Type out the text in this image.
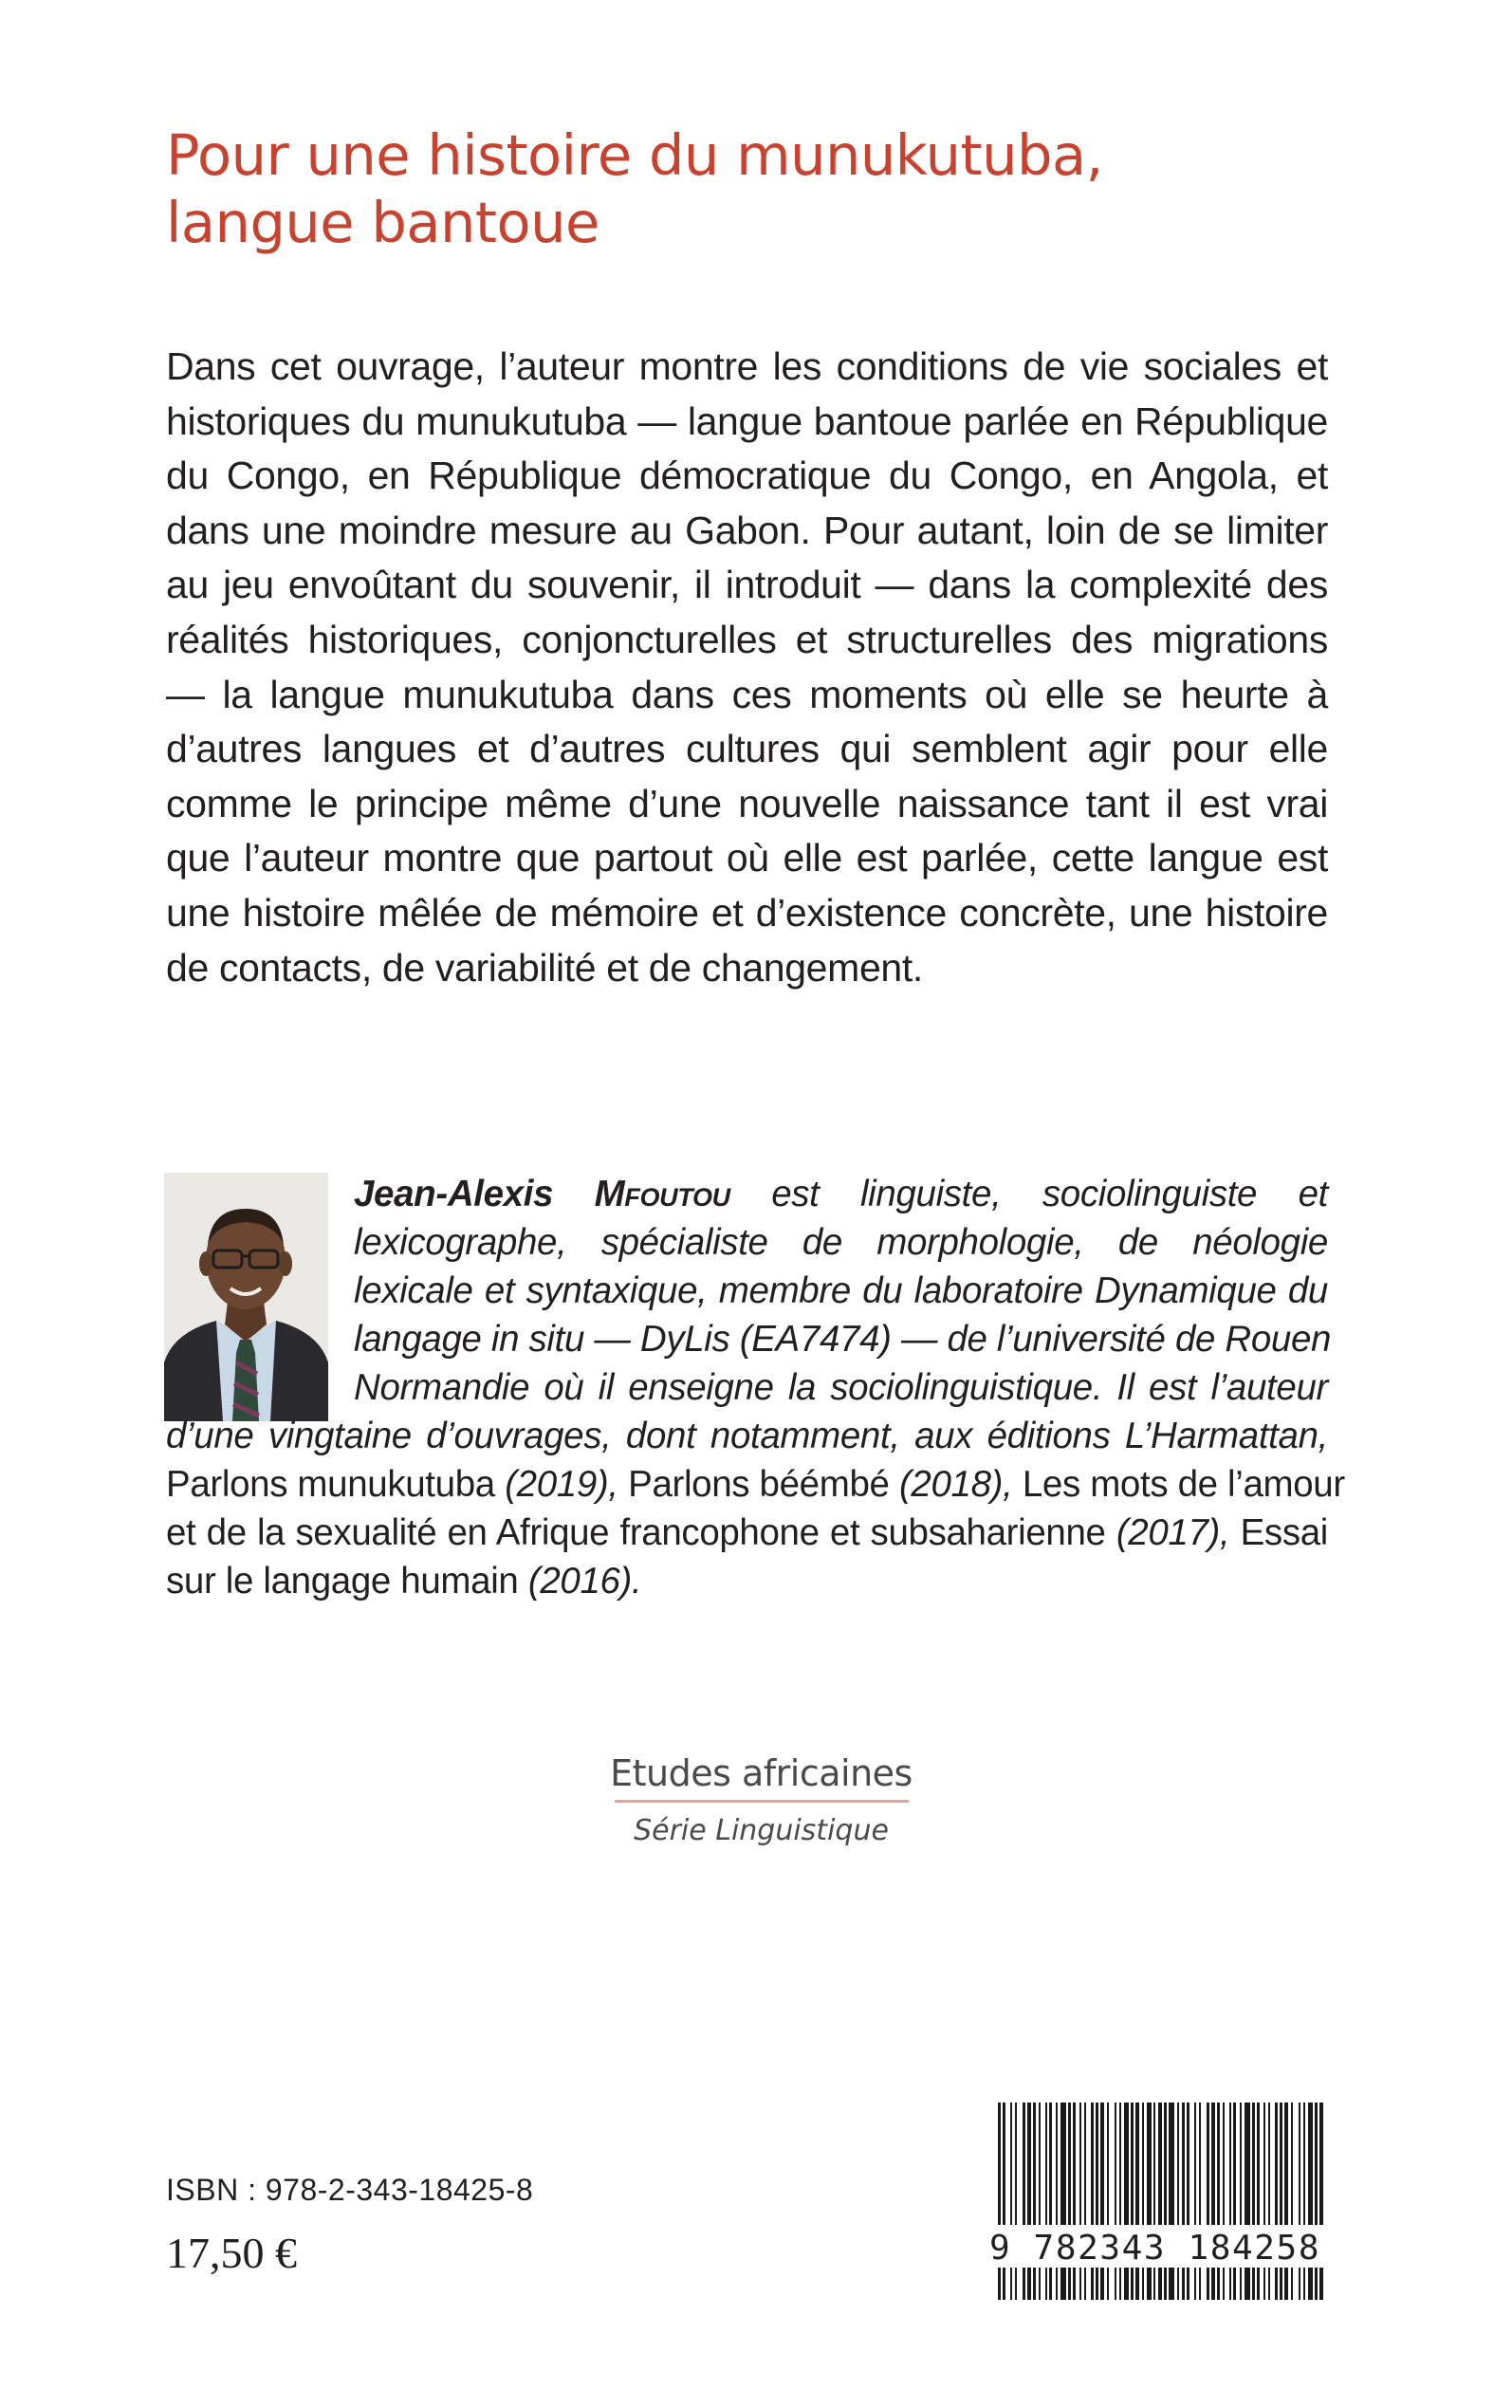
Pour une histoire du munukutuba,
langue bantoue
Dans cet ouvrage, l’auteur montre les conditions de vie sociales et
historiques du munukutuba — langue bantoue parlée en République
du Congo, en République démocratique du Congo, en Angola, et
dans une moindre mesure au Gabon. Pour autant, loin de se limiter
au jeu envoûtant du souvenir, il introduit — dans la complexité des
réalités historiques, conjoncturelles et structurelles des migrations
— la langue munukutuba dans ces moments où elle se heurte à
d’autres langues et d’autres cultures qui semblent agir pour elle
comme le principe même d’une nouvelle naissance tant il est vrai
que l’auteur montre que partout où elle est parlée, cette langue est
une histoire mêlée de mémoire et d’existence concrète, une histoire
de contacts, de variabilité et de changement.
Jean-Alexis Mfoutou est linguiste, sociolinguiste et
lexicographe, spécialiste de morphologie, de néologie
lexicale et syntaxique, membre du laboratoire Dynamique du
langage in situ — DyLis (EA7474) — de l’université de Rouen
Normandie où il enseigne la sociolinguistique. Il est l’auteur
d’une vingtaine d’ouvrages, dont notamment, aux éditions L’Harmattan,
Parlons munukutuba (2019), Parlons béémbé (2018), Les mots de l’amour
et de la sexualité en Afrique francophone et subsaharienne (2017), Essai
sur le langage humain (2016).
Etudes africaines
Série Linguistique
ISBN : 978-2-343-18425-8
17,50 €	9 782343 184258
